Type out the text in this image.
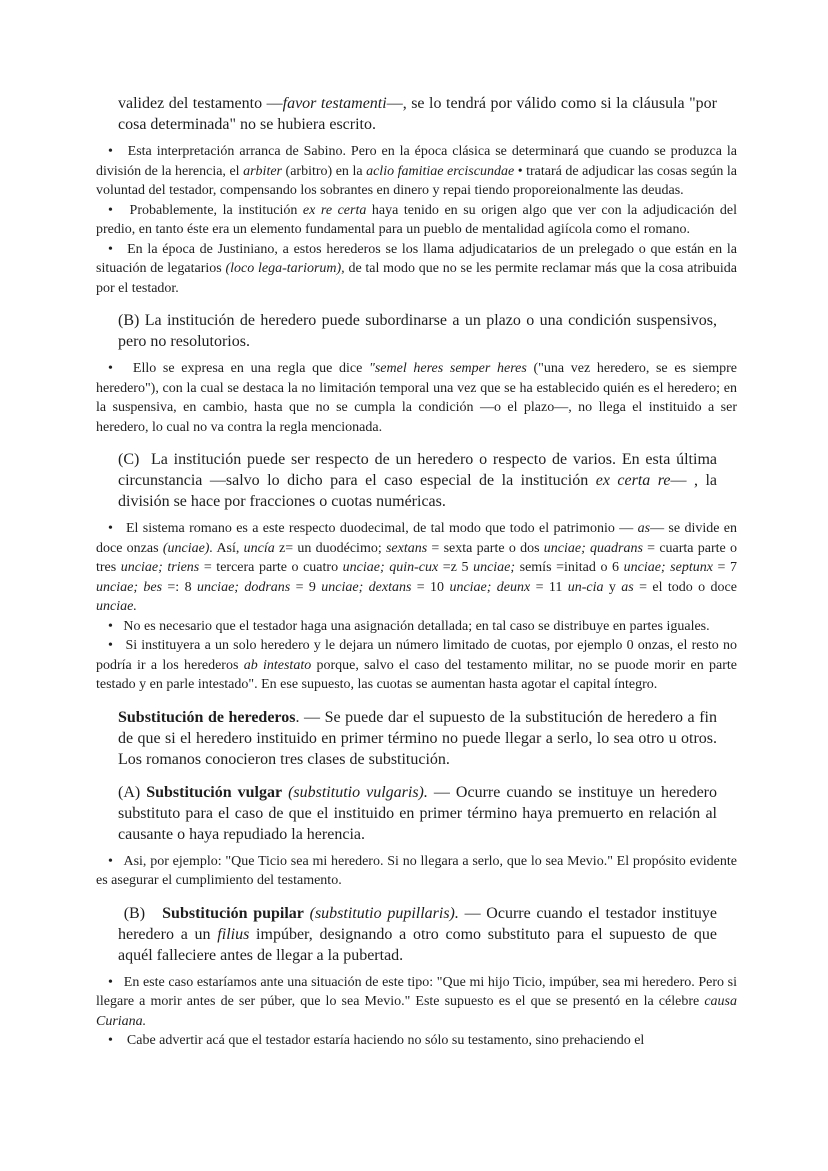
validez del testamento —favor testamenti—, se lo tendrá por válido como si la cláusula "por cosa determinada" no se hubiera escrito.

•   Esta interpretación arranca de Sabino. Pero en la época clásica se determinará que cuando se produzca la división de la herencia, el arbiter (arbitro) en la aclio famitiae erciscundae • tratará de adjudicar las cosas según la voluntad del testador, compensando los sobrantes en dinero y repai tiendo proporeionalmente las deudas.

•   Probablemente, la institución ex re certa haya tenido en su origen algo que ver con la adjudicación del predio, en tanto éste era un elemento fundamental para un pueblo de mentalidad agiícola como el romano.

•   En la época de Justiniano, a estos herederos se los llama adjudicatarios de un prelegado o que están en la situación de legatarios (loco lega-tariorum), de tal modo que no se les permite reclamar más que la cosa atribuida por el testador.

(B) La institución de heredero puede subordinarse a un plazo o una condición suspensivos, pero no resolutorios.

•   Ello se expresa en una regla que dice "semel heres semper heres ("una vez heredero, se es siempre heredero"), con la cual se destaca la no limitación temporal una vez que se ha establecido quién es el heredero; en la suspensiva, en cambio, hasta que no se cumpla la condición —o el plazo—, no llega el instituido a ser heredero, lo cual no va contra la regla mencionada.

(C)  La institución puede ser respecto de un heredero o respecto de varios. En esta última circunstancia —salvo lo dicho para el caso especial de la institución ex certa re— , la división se hace por fracciones o cuotas numéricas.

•   El sistema romano es a este respecto duodecimal, de tal modo que todo el patrimonio — as— se divide en doce onzas (unciae). Así, uncía z= un duodécimo; sextans = sexta parte o dos unciae; quadrans = cuarta parte o tres unciae; triens = tercera parte o cuatro unciae; quin-cux =z 5 unciae; semís =initad o 6 unciae; septunx = 7 unciae; bes =: 8 unciae; dodrans = 9 unciae; dextans = 10 unciae; deunx = 11 un-cia y as = el todo o doce unciae.

•   No es necesario que el testador haga una asignación detallada; en tal caso se distribuye en partes iguales.

•   Si instituyera a un solo heredero y le dejara un número limitado de cuotas, por ejemplo 0 onzas, el resto no podría ir a los herederos ab intestato porque, salvo el caso del testamento militar, no se puode morir en parte testado y en parle intestado". En ese supuesto, las cuotas se aumentan hasta agotar el capital íntegro.

Substitución de herederos. — Se puede dar el supuesto de la substitución de heredero a fin de que si el heredero instituido en primer término no puede llegar a serlo, lo sea otro u otros. Los romanos conocieron tres clases de substitución.

(A) Substitución vulgar (substitutio vulgaris). — Ocurre cuando se instituye un heredero substituto para el caso de que el instituido en primer término haya premuerto en relación al causante o haya repudiado la herencia.

•   Asi, por ejemplo: "Que Ticio sea mi heredero. Si no llegara a serlo, que lo sea Mevio." El propósito evidente es asegurar el cumplimiento del testamento.

(B)   Substitución pupilar (substitutio pupillaris). — Ocurre cuando el testador instituye heredero a un filius impúber, designando a otro como substituto para el supuesto de que aquél falleciere antes de llegar a la pubertad.

•   En este caso estaríamos ante una situación de este tipo: "Que mi hijo Ticio, impúber, sea mi heredero. Pero si llegare a morir antes de ser púber, que lo sea Mevio." Este supuesto es el que se presentó en la célebre causa Curiana.

•    Cabe advertir acá que el testador estaría haciendo no sólo su testamento, sino prehaciendo el
